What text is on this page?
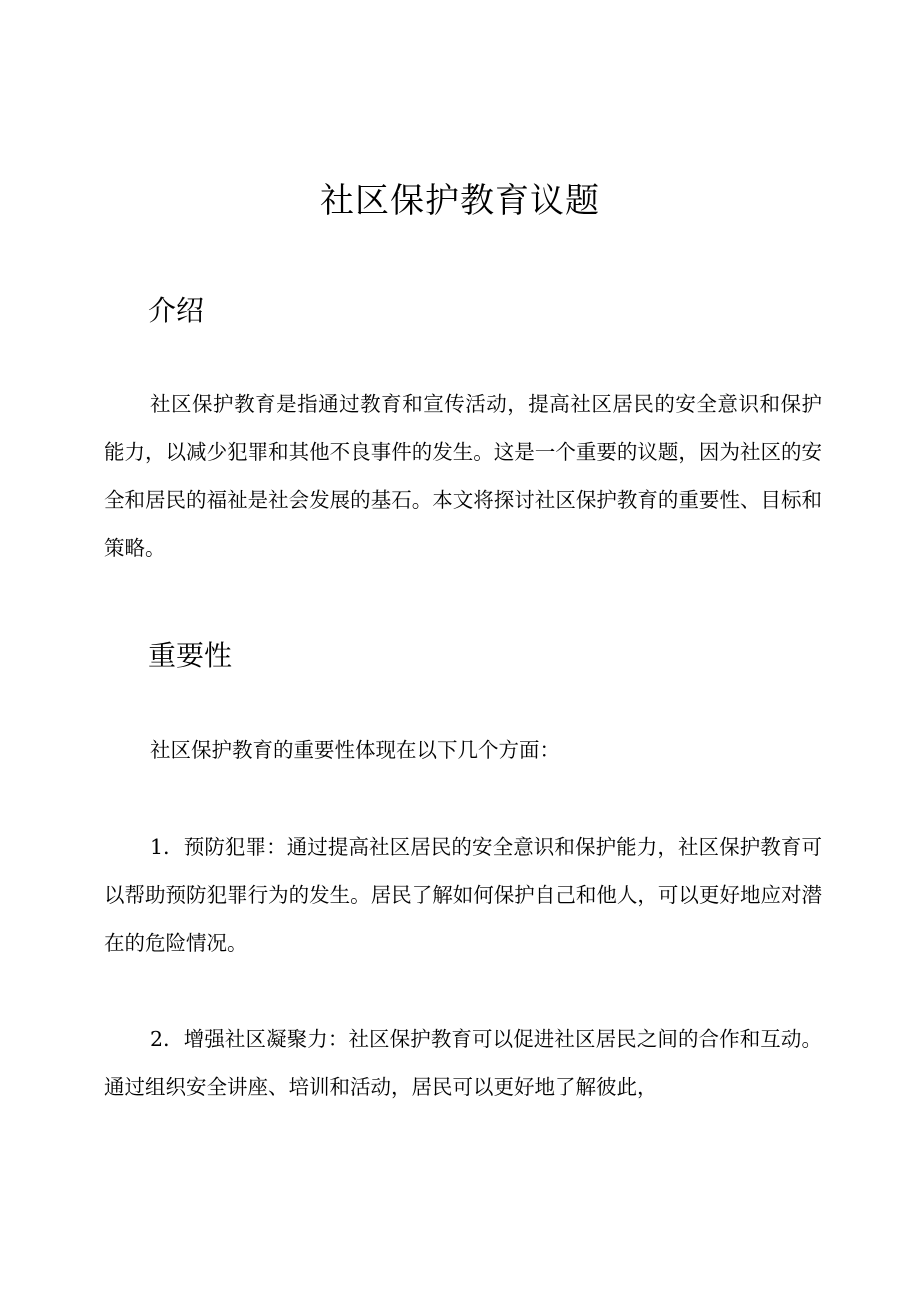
社区保护教育议题
介绍

社区保护教育是指通过教育和宣传活动，提高社区居民的安全意识和保护能力，以减少犯罪和其他不良事件的发生。这是一个重要的议题，因为社区的安全和居民的福祉是社会发展的基石。本文将探讨社区保护教育的重要性、目标和策略。

重要性

社区保护教育的重要性体现在以下几个方面：

1．预防犯罪：通过提高社区居民的安全意识和保护能力，社区保护教育可以帮助预防犯罪行为的发生。居民了解如何保护自己和他人，可以更好地应对潜在的危险情况。

2．增强社区凝聚力：社区保护教育可以促进社区居民之间的合作和互动。通过组织安全讲座、培训和活动，居民可以更好地了解彼此，
